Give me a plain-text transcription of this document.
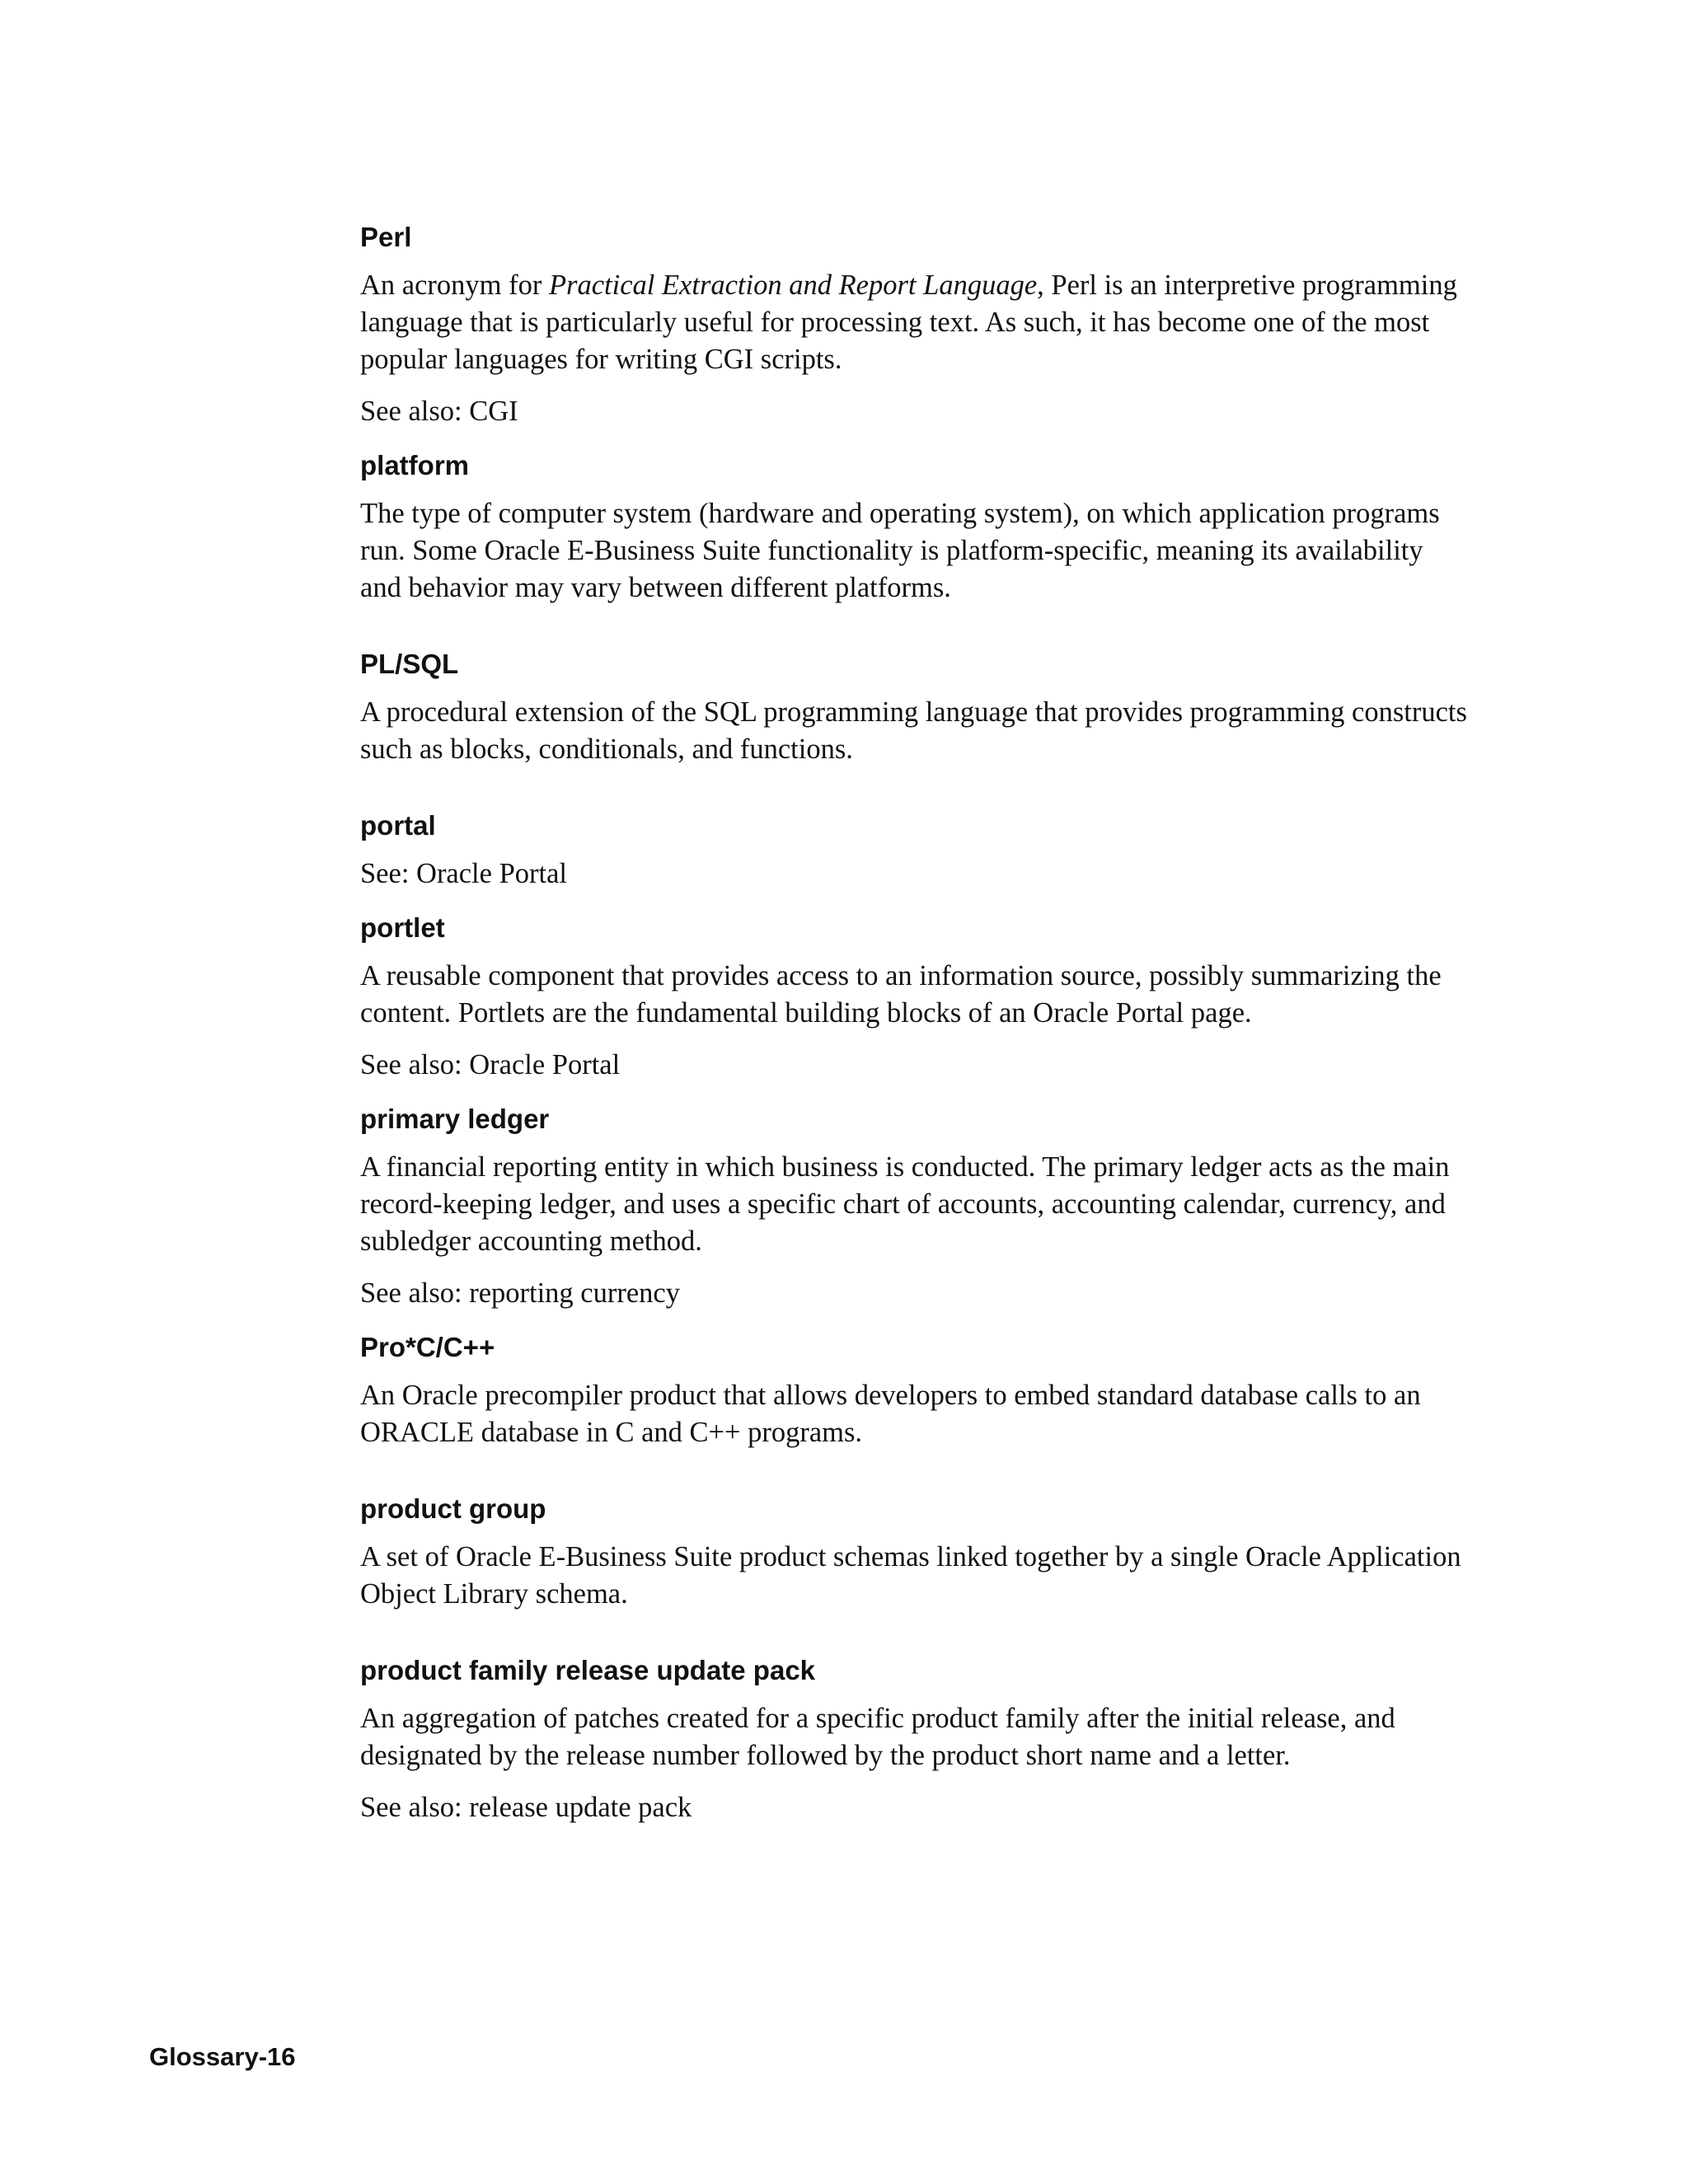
Perl

An acronym for Practical Extraction and Report Language, Perl is an interpretive programming language that is particularly useful for processing text. As such, it has become one of the most popular languages for writing CGI scripts.

See also: CGI

platform

The type of computer system (hardware and operating system), on which application programs run. Some Oracle E-Business Suite functionality is platform-specific, meaning its availability and behavior may vary between different platforms.

PL/SQL

A procedural extension of the SQL programming language that provides programming constructs such as blocks, conditionals, and functions.

portal

See: Oracle Portal

portlet

A reusable component that provides access to an information source, possibly summarizing the content. Portlets are the fundamental building blocks of an Oracle Portal page.

See also: Oracle Portal

primary ledger

A financial reporting entity in which business is conducted. The primary ledger acts as the main record-keeping ledger, and uses a specific chart of accounts, accounting calendar, currency, and subledger accounting method.

See also: reporting currency

Pro*C/C++

An Oracle precompiler product that allows developers to embed standard database calls to an ORACLE database in C and C++ programs.

product group

A set of Oracle E-Business Suite product schemas linked together by a single Oracle Application Object Library schema.

product family release update pack

An aggregation of patches created for a specific product family after the initial release, and designated by the release number followed by the product short name and a letter.

See also: release update pack

Glossary-16
